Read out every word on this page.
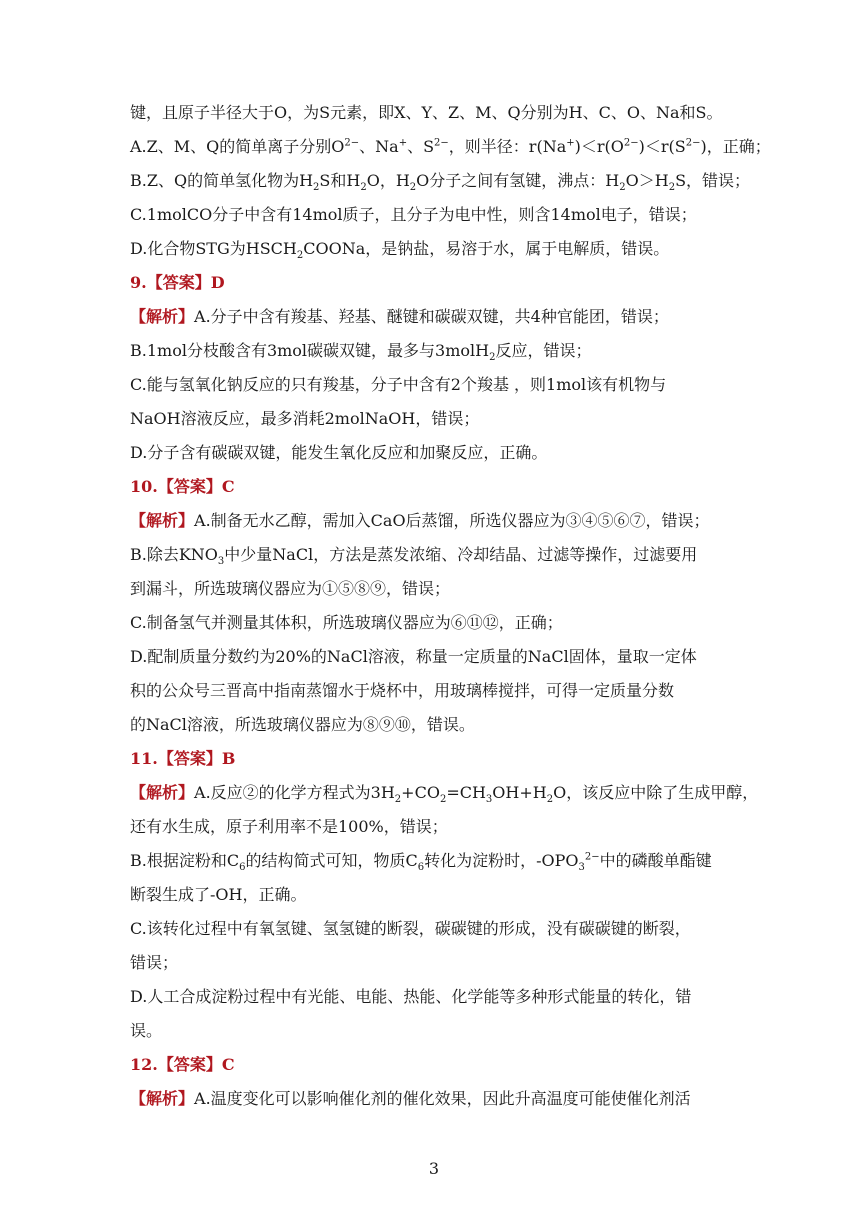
键，且原子半径大于O，为S元素，即X、Y、Z、M、Q分别为H、C、O、Na和S。
A.Z、M、Q的简单离子分别$O^{2-}$、Na+、$S^{2-}$，则半径：$r(Na^+)<r(O^{2-})<r(S^{2-})$，正确；
B.Z、Q的简单氢化物为$H_2S$和$H_2O$，$H_2O$分子之间有氢键，沸点：$H_2O>H_2S$，错误；
C.1molCO分子中含有14mol质子，且分子为电中性，则含14mol电子，错误；
D.化合物STG为$HSCH_2COONa$，是钠盐，易溶于水，属于电解质，错误。
9.【答案】D
【解析】A.分子中含有羧基、羟基、醚键和碳碳双键，共4种官能团，错误；
B.1mol分枝酸含有3mol碳碳双键，最多与3molH$_2$反应，错误；
C.能与氢氧化钠反应的只有羧基，分子中含有2个羧基 ，则1mol该有机物与
NaOH溶液反应，最多消耗2molNaOH，错误；
D.分子含有碳碳双键，能发生氧化反应和加聚反应，正确。
10.【答案】C
【解析】A.制备无水乙醇，需加入CaO后蒸馏，所选仪器应为③④⑤⑥⑦，错误；
B.除去$KNO_3$中少量NaCl，方法是蒸发浓缩、冷却结晶、过滤等操作，过滤要用
到漏斗，所选玻璃仪器应为①⑤⑧⑨，错误；
C.制备氢气并测量其体积，所选玻璃仪器应为⑥⑪⑫，正确；
D.配制质量分数约为20%的NaCl溶液，称量一定质量的NaCl固体，量取一定体
积的公众号三晋高中指南蒸馏水于烧杯中，用玻璃棒搅拌，可得一定质量分数
的NaCl溶液，所选玻璃仪器应为⑧⑨⑩，错误。
11.【答案】B
【解析】A.反应②的化学方程式为$3H_2+CO_2=CH_3OH+H_2O$，该反应中除了生成甲醇，
还有水生成，原子利用率不是100%，错误；
B.根据淀粉和$C_6$的结构简式可知，物质$C_6$转化为淀粉时，$-OPO_3^{2-}$中的磷酸单酯键
断裂生成了-OH，正确。
C.该转化过程中有氧氢键、氢氢键的断裂，碳碳键的形成，没有碳碳键的断裂，
错误；
D.人工合成淀粉过程中有光能、电能、热能、化学能等多种形式能量的转化，错
误。
12.【答案】C
【解析】A.温度变化可以影响催化剂的催化效果，因此升高温度可能使催化剂活
3
